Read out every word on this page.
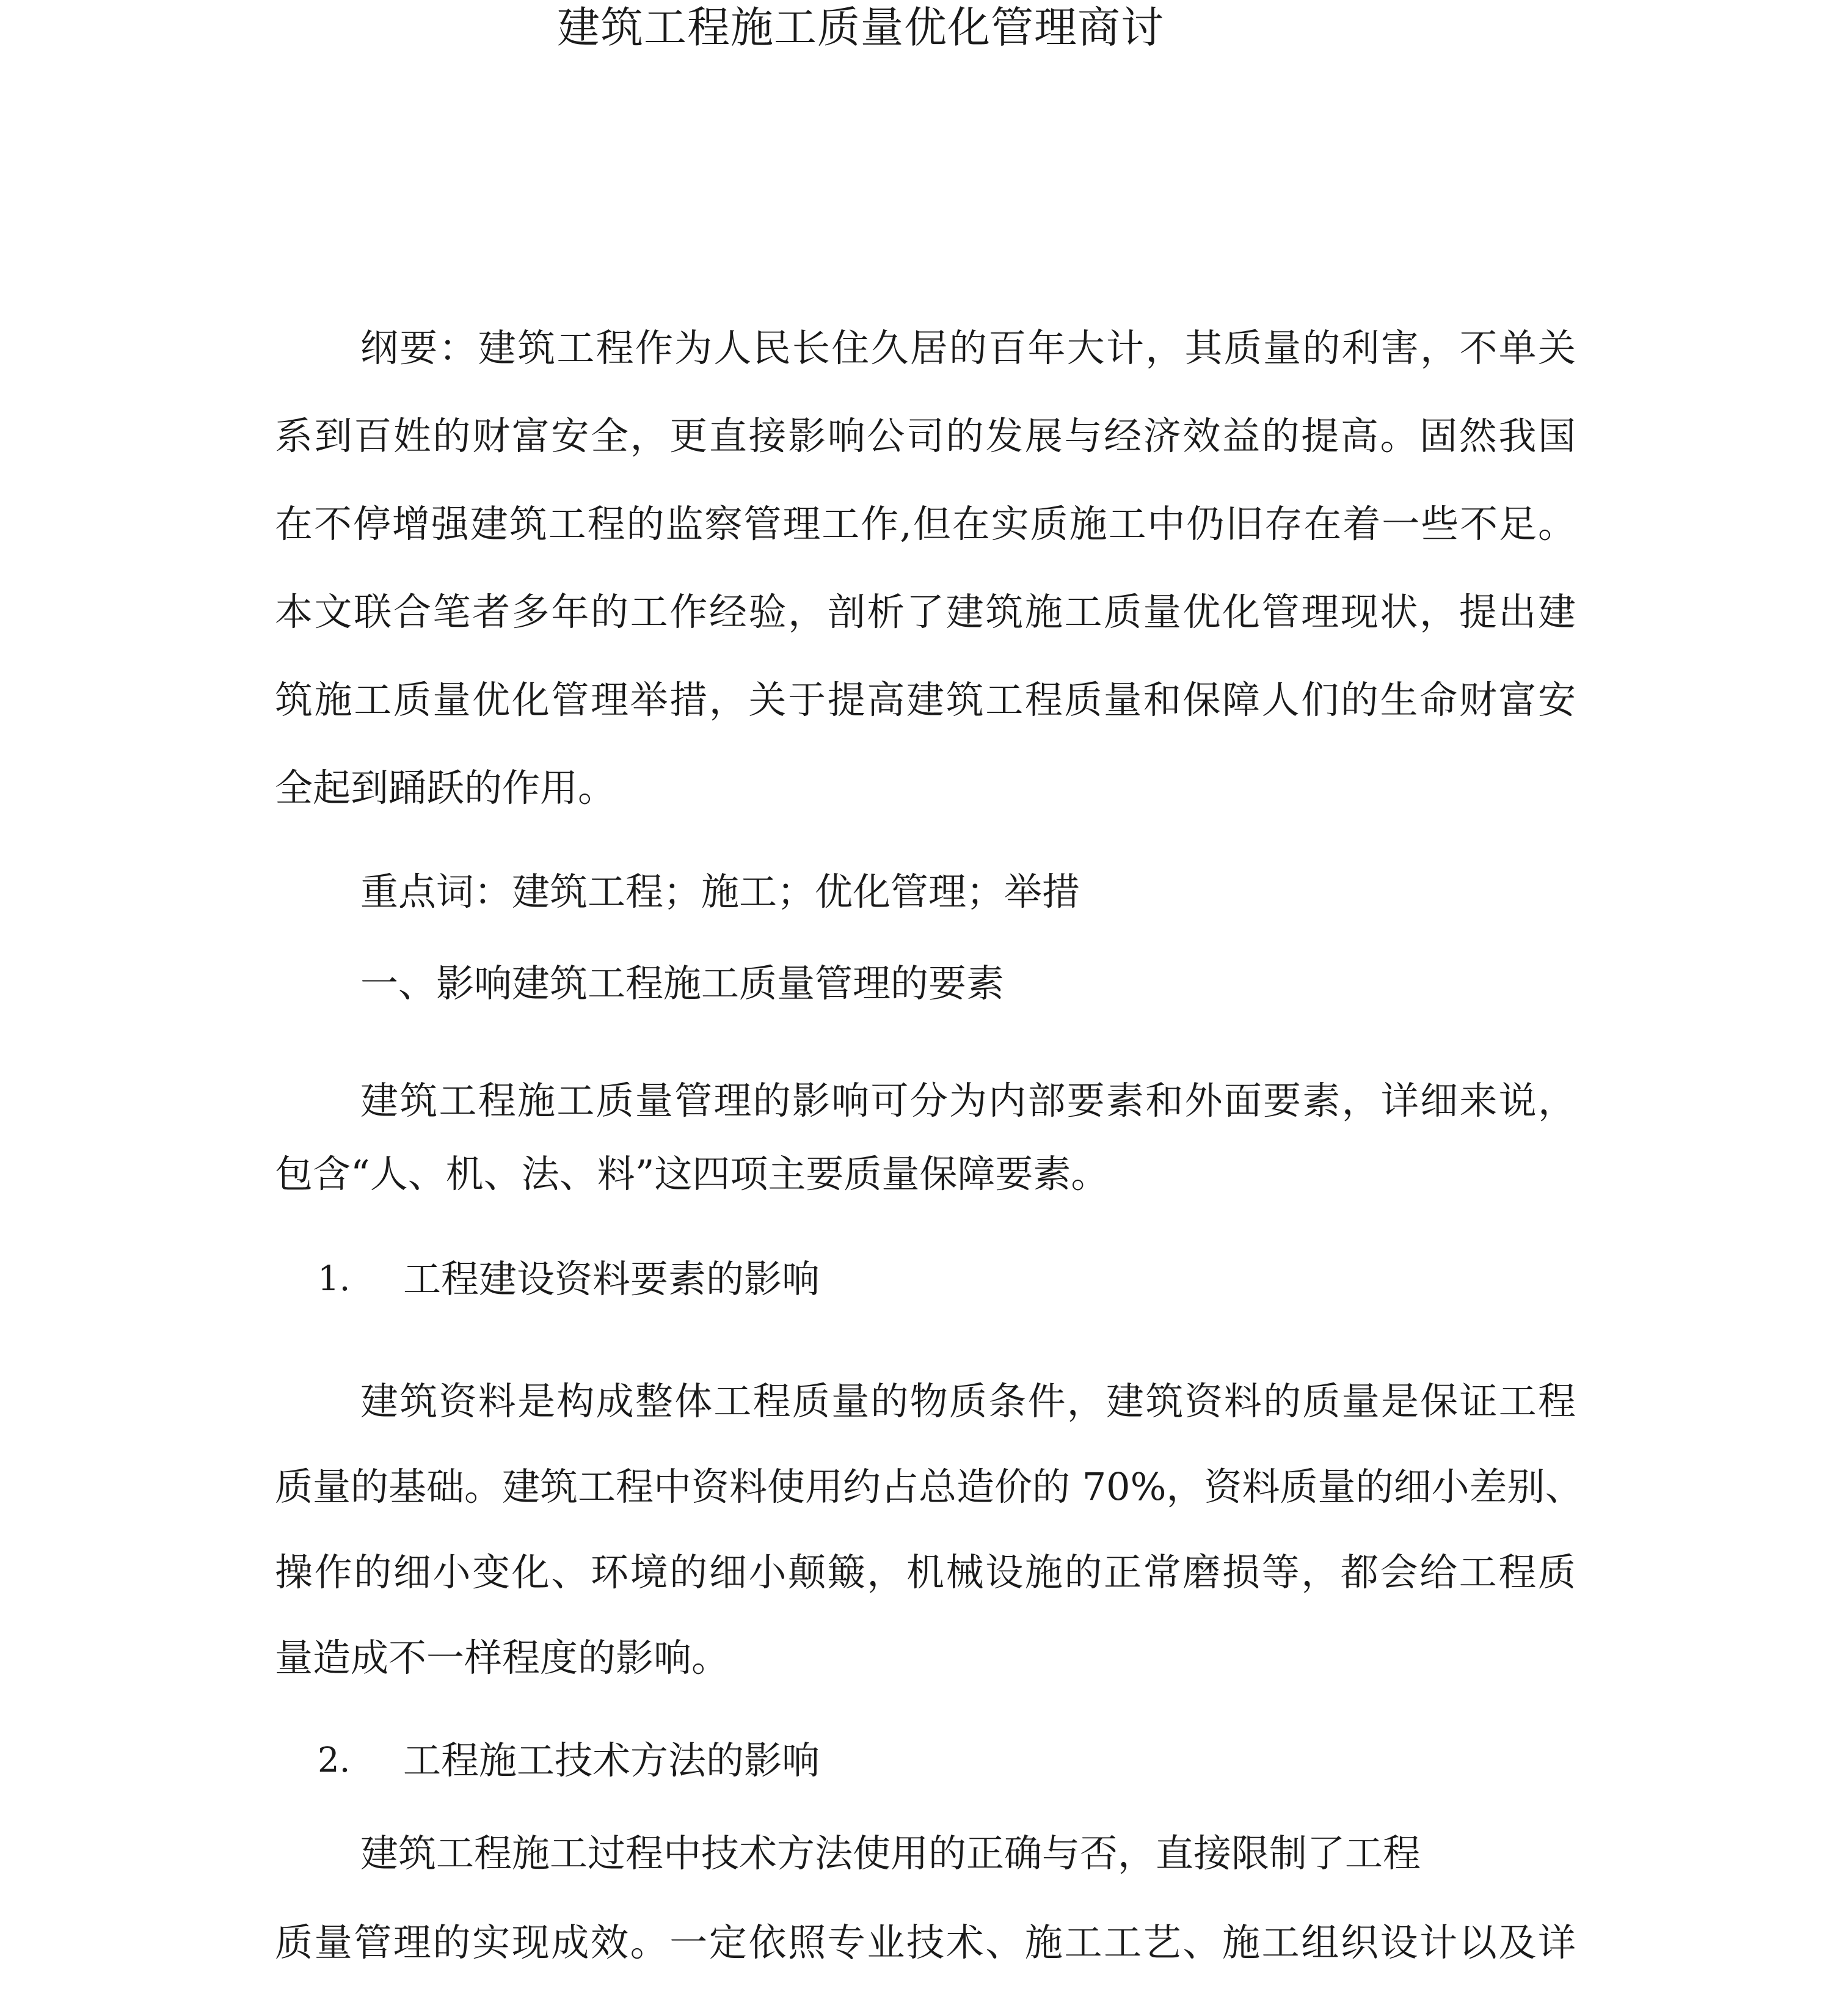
建筑工程施工质量优化管理商讨
纲要：建筑工程作为人民长住久居的百年大计，其质量的利害，不单关
系到百姓的财富安全，更直接影响公司的发展与经济效益的提高。固然我国
在不停增强建筑工程的监察管理工作,但在实质施工中仍旧存在着一些不足。
本文联合笔者多年的工作经验，剖析了建筑施工质量优化管理现状，提出建
筑施工质量优化管理举措，关于提高建筑工程质量和保障人们的生命财富安
全起到踊跃的作用。
重点词：建筑工程；施工；优化管理；举措
一、影响建筑工程施工质量管理的要素
建筑工程施工质量管理的影响可分为内部要素和外面要素，详细来说，
包含“人、机、法、料”这四项主要质量保障要素。
1. 工程建设资料要素的影响
建筑资料是构成整体工程质量的物质条件，建筑资料的质量是保证工程
质量的基础。建筑工程中资料使用约占总造价的 70%，资料质量的细小差别、
操作的细小变化、环境的细小颠簸，机械设施的正常磨损等，都会给工程质
量造成不一样程度的影响。
2. 工程施工技术方法的影响
建筑工程施工过程中技术方法使用的正确与否，直接限制了工程
质量管理的实现成效。一定依照专业技术、施工工艺、施工组织设计以及详
